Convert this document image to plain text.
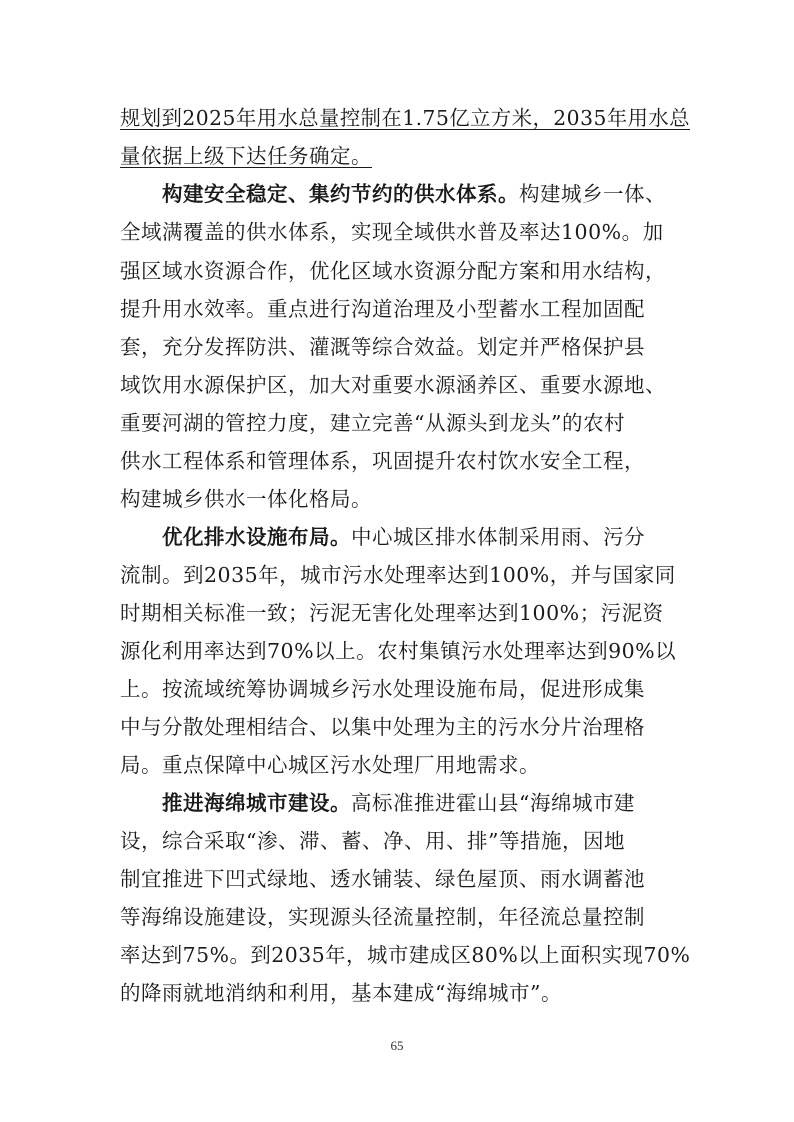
规划到2025年用水总量控制在1.75亿立方米，2035年用水总
量依据上级下达任务确定。
构建安全稳定、集约节约的供水体系。构建城乡一体、
全域满覆盖的供水体系，实现全域供水普及率达100%。加
强区域水资源合作，优化区域水资源分配方案和用水结构，
提升用水效率。重点进行沟道治理及小型蓄水工程加固配
套，充分发挥防洪、灌溉等综合效益。划定并严格保护县
域饮用水源保护区，加大对重要水源涵养区、重要水源地、
重要河湖的管控力度，建立完善“从源头到龙头”的农村
供水工程体系和管理体系，巩固提升农村饮水安全工程，
构建城乡供水一体化格局。
优化排水设施布局。中心城区排水体制采用雨、污分
流制。到2035年，城市污水处理率达到100%，并与国家同
时期相关标准一致；污泥无害化处理率达到100%；污泥资
源化利用率达到70%以上。农村集镇污水处理率达到90%以
上。按流域统筹协调城乡污水处理设施布局，促进形成集
中与分散处理相结合、以集中处理为主的污水分片治理格
局。重点保障中心城区污水处理厂用地需求。
推进海绵城市建设。高标准推进霍山县“海绵城市建
设，综合采取“渗、滞、蓄、净、用、排”等措施，因地
制宜推进下凹式绿地、透水铺装、绿色屋顶、雨水调蓄池
等海绵设施建设，实现源头径流量控制，年径流总量控制
率达到75%。到2035年，城市建成区80%以上面积实现70%
的降雨就地消纳和利用，基本建成“海绵城市”。
65
